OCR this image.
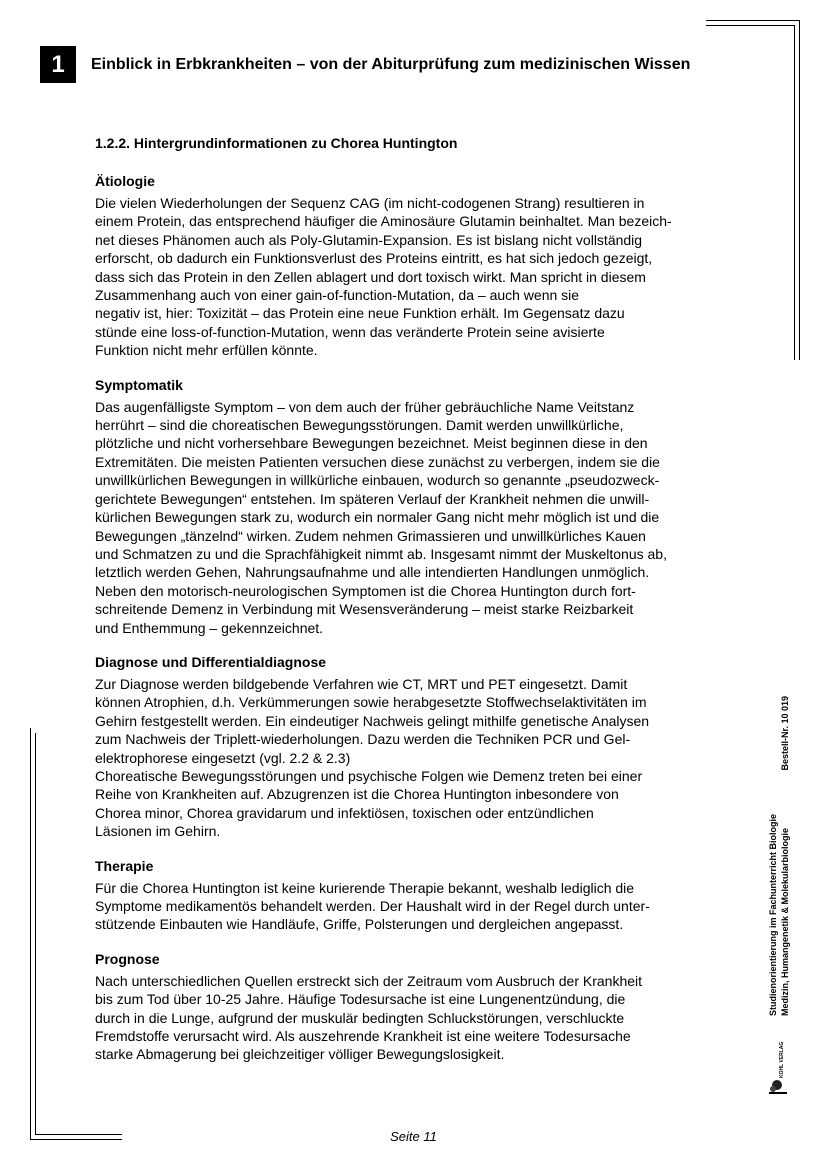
1 Einblick in Erbkrankheiten – von der Abiturprüfung zum medizinischen Wissen
1.2.2. Hintergrundinformationen zu Chorea Huntington
Ätiologie

Die vielen Wiederholungen der Sequenz CAG (im nicht-codogenen Strang) resultieren in
einem Protein, das entsprechend häufiger die Aminosäure Glutamin beinhaltet. Man bezeich-
net dieses Phänomen auch als Poly-Glutamin-Expansion. Es ist bislang nicht vollständig
erforscht, ob dadurch ein Funktionsverlust des Proteins eintritt, es hat sich jedoch gezeigt,
dass sich das Protein in den Zellen ablagert und dort toxisch wirkt. Man spricht in diesem
Zusammenhang auch von einer gain-of-function-Mutation, da – auch wenn sie
negativ ist, hier: Toxizität – das Protein eine neue Funktion erhält. Im Gegensatz dazu
stünde eine loss-of-function-Mutation, wenn das veränderte Protein seine avisierte
Funktion nicht mehr erfüllen könnte.

Symptomatik

Das augenfälligste Symptom – von dem auch der früher gebräuchliche Name Veitstanz
herrührt – sind die choreatischen Bewegungsstörungen. Damit werden unwillkürliche,
plötzliche und nicht vorhersehbare Bewegungen bezeichnet. Meist beginnen diese in den
Extremitäten. Die meisten Patienten versuchen diese zunächst zu verbergen, indem sie die
unwillkürlichen Bewegungen in willkürliche einbauen, wodurch so genannte „pseudozweck-
gerichtete Bewegungen“ entstehen. Im späteren Verlauf der Krankheit nehmen die unwill-
kürlichen Bewegungen stark zu, wodurch ein normaler Gang nicht mehr möglich ist und die
Bewegungen „tänzelnd“ wirken. Zudem nehmen Grimassieren und unwillkürliches Kauen
und Schmatzen zu und die Sprachfähigkeit nimmt ab. Insgesamt nimmt der Muskeltonus ab,
letztlich werden Gehen, Nahrungsaufnahme und alle intendierten Handlungen unmöglich.
Neben den motorisch-neurologischen Symptomen ist die Chorea Huntington durch fort-
schreitende Demenz in Verbindung mit Wesensveränderung – meist starke Reizbarkeit
und Enthemmung – gekennzeichnet.

Diagnose und Differentialdiagnose

Zur Diagnose werden bildgebende Verfahren wie CT, MRT und PET eingesetzt. Damit
können Atrophien, d.h. Verkümmerungen sowie herabgesetzte Stoffwechselaktivitäten im
Gehirn festgestellt werden. Ein eindeutiger Nachweis gelingt mithilfe genetische Analysen
zum Nachweis der Triplett-wiederholungen. Dazu werden die Techniken PCR und Gel-
elektrophorese eingesetzt (vgl. 2.2 & 2.3)
Choreatische Bewegungsstörungen und psychische Folgen wie Demenz treten bei einer
Reihe von Krankheiten auf. Abzugrenzen ist die Chorea Huntington inbesondere von
Chorea minor, Chorea gravidarum und infektiösen, toxischen oder entzündlichen
Läsionen im Gehirn.

Therapie

Für die Chorea Huntington ist keine kurierende Therapie bekannt, weshalb lediglich die
Symptome medikamentös behandelt werden. Der Haushalt wird in der Regel durch unter-
stützende Einbauten wie Handläufe, Griffe, Polsterungen und dergleichen angepasst.

Prognose

Nach unterschiedlichen Quellen erstreckt sich der Zeitraum vom Ausbruch der Krankheit
bis zum Tod über 10-25 Jahre. Häufige Todesursache ist eine Lungenentzündung, die
durch in die Lunge, aufgrund der muskulär bedingten Schluckstörungen, verschluckte
Fremdstoffe verursacht wird. Als auszehrende Krankheit ist eine weitere Todesursache
starke Abmagerung bei gleichzeitiger völliger Bewegungslosigkeit.

Studienorientierung im Fachunterricht Biologie Medizin, Humangenetik & Molekularbiologie
Bestell-Nr. 10 019
KOHL VERLAG
Seite 11
